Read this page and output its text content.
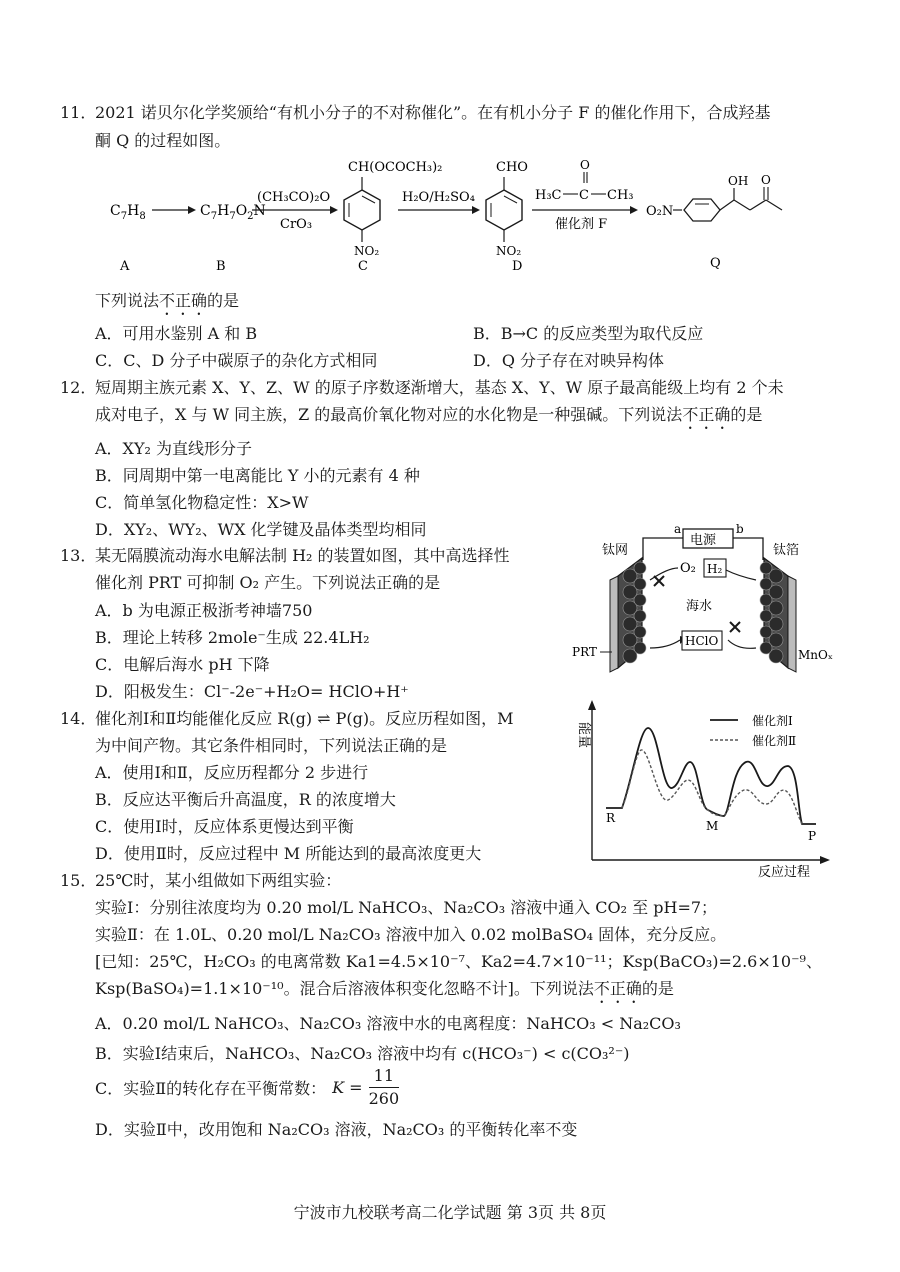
11．
2021 诺贝尔化学奖颁给“有机小分子的不对称催化”。在有机小分子 F 的催化作用下，合成羟基
酮 Q 的过程如图。
$C_7H_8$	$C_7H_7O_2N$
(CH₃CO)₂O
CrO₃
CH(OCOCH₃)₂
NO₂
H₂O/H₂SO₄
CHO
NO₂
O
H₃C C CH₃
催化剂 F
O₂N
OH O
A	B	C	D	Q
下列说法不正确的是
A．可用水鉴别 A 和 B	B．B→C 的反应类型为取代反应
C．C、D 分子中碳原子的杂化方式相同	D．Q 分子存在对映异构体
12．
短周期主族元素 X、Y、Z、W 的原子序数逐渐增大，基态 X、Y、W 原子最高能级上均有 2 个未
成对电子，X 与 W 同主族，Z 的最高价氧化物对应的水化物是一种强碱。下列说法不正确的是
A．XY₂ 为直线形分子
B．同周期中第一电离能比 Y 小的元素有 4 种
C．简单氢化物稳定性：X>W
D．XY₂、WY₂、WX 化学键及晶体类型均相同
13．
某无隔膜流动海水电解法制 H₂ 的装置如图，其中高选择性
催化剂 PRT 可抑制 O₂ 产生。下列说法正确的是
A．b 为电源正极浙考神墙750
B．理论上转移 2mole⁻生成 22.4LH₂
C．电解后海水 pH 下降
D．阳极发生：Cl⁻-2e⁻+H₂O= HClO+H⁺
电源
a	b
钛网	钛箔
O₂ H₂
海水
HClO
PRT	MnOₓ
14．
催化剂Ⅰ和Ⅱ均能催化反应 R(g) ⇌ P(g)。反应历程如图，M
为中间产物。其它条件相同时，下列说法正确的是
A．使用Ⅰ和Ⅱ，反应历程都分 2 步进行
B．反应达平衡后升高温度，R 的浓度增大
C．使用Ⅰ时，反应体系更慢达到平衡
D．使用Ⅱ时，反应过程中 M 所能达到的最高浓度更大
能量
反应过程
催化剂Ⅰ
催化剂Ⅱ
R
M
P
15．
25℃时，某小组做如下两组实验：
实验Ⅰ：分别往浓度均为 0.20 mol/L NaHCO₃、Na₂CO₃ 溶液中通入 CO₂ 至 pH=7；
实验Ⅱ：在 1.0L、0.20 mol/L Na₂CO₃ 溶液中加入 0.02 molBaSO₄ 固体，充分反应。
[已知：25℃，H₂CO₃ 的电离常数 Ka1=4.5×10⁻⁷、Ka2=4.7×10⁻¹¹；Ksp(BaCO₃)=2.6×10⁻⁹、
Ksp(BaSO₄)=1.1×10⁻¹⁰。混合后溶液体积变化忽略不计]。下列说法不正确的是
A．0.20 mol/L NaHCO₃、Na₂CO₃ 溶液中水的电离程度：NaHCO₃ < Na₂CO₃
B．实验Ⅰ结束后，NaHCO₃、Na₂CO₃ 溶液中均有 c(HCO₃⁻) < c(CO₃²⁻)
C．实验Ⅱ的转化存在平衡常数： $K = \frac{11}{260}$
D．实验Ⅱ中，改用饱和 Na₂CO₃ 溶液，Na₂CO₃ 的平衡转化率不变
宁波市九校联考高二化学试题 第 3页 共 8页
